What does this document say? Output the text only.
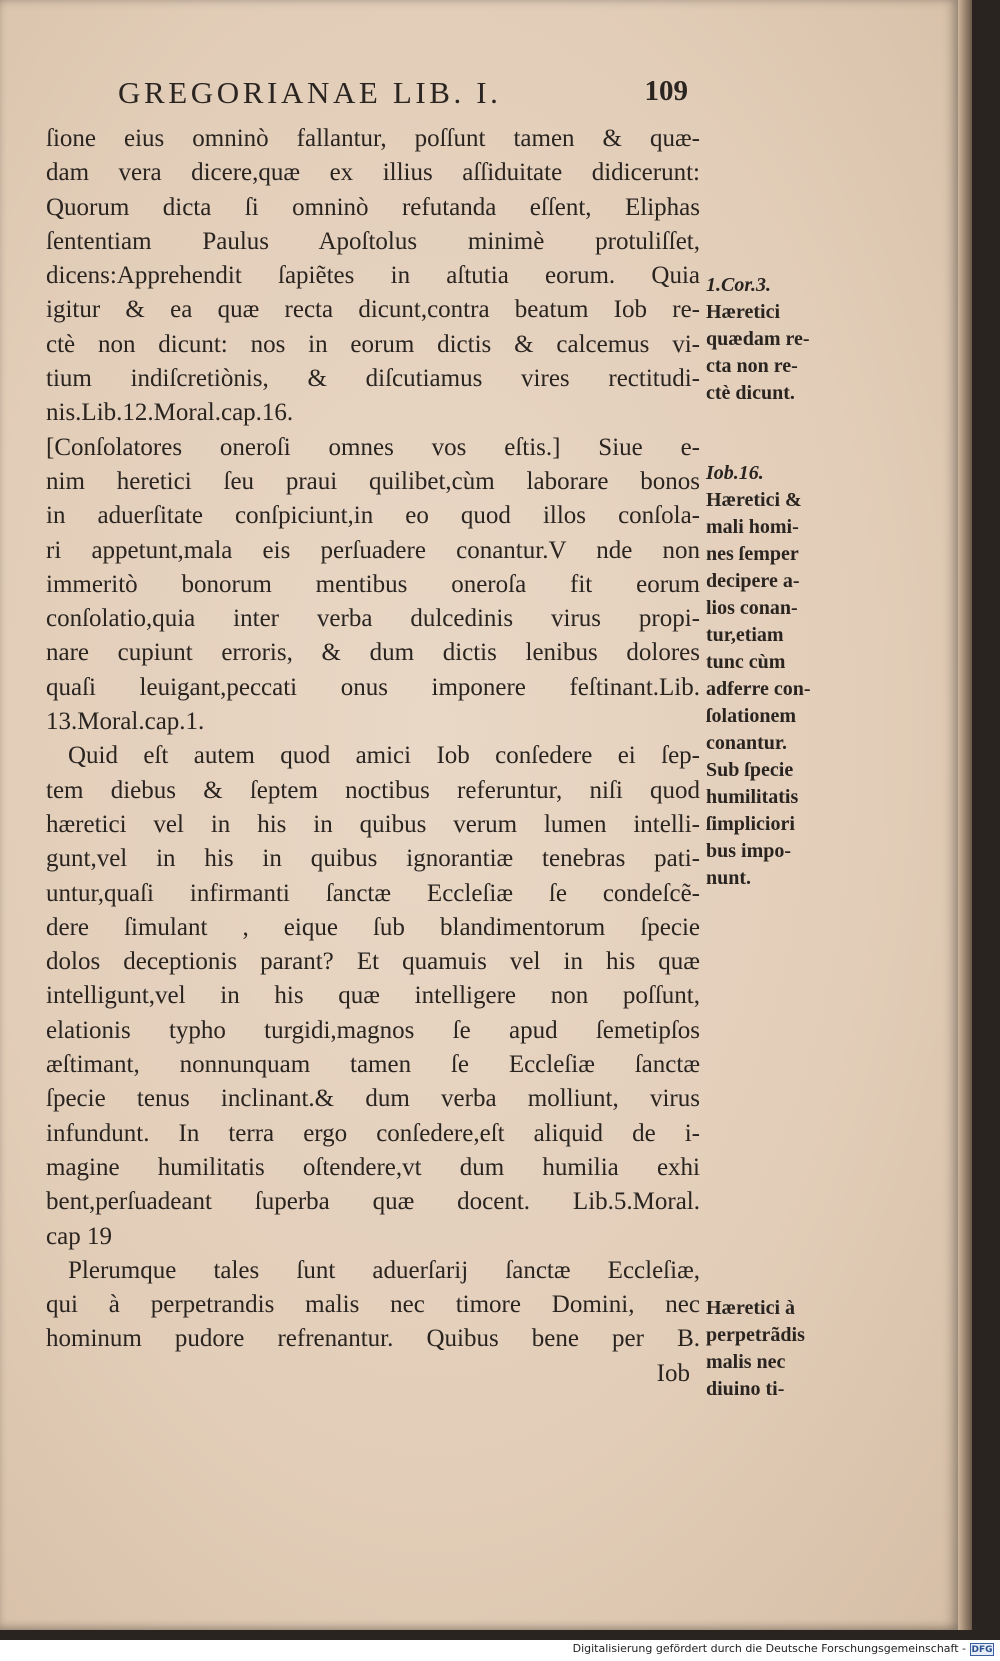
GREGORIANAE LIB. I.	109
ſione eius omninò fallantur, poſſunt tamen & quæ-
dam vera dicere,quæ ex illius aſſiduitate didicerunt:
Quorum dicta ſi omninò refutanda eſſent, Eliphas
ſententiam Paulus Apoſtolus minimè protuliſſet,
dicens:Apprehendit ſapiẽtes in aſtutia eorum. Quia
igitur & ea quæ recta dicunt,contra beatum Iob re-
ctè non dicunt: nos in eorum dictis & calcemus vi-
tium indiſcretiònis, & diſcutiamus vires rectitudi-
nis.Lib.12.Moral.cap.16.
[Conſolatores oneroſi omnes vos eſtis.] Siue e-
nim heretici ſeu praui quilibet,cùm laborare bonos
in aduerſitate conſpiciunt,in eo quod illos conſola-
ri appetunt,mala eis perſuadere conantur.V nde non
immeritò bonorum mentibus oneroſa fit eorum
conſolatio,quia inter verba dulcedinis virus propi-
nare cupiunt erroris, & dum dictis lenibus dolores
quaſi leuigant,peccati onus imponere feſtinant.Lib.
13.Moral.cap.1.
Quid eſt autem quod amici Iob conſedere ei ſep-
tem diebus & ſeptem noctibus referuntur, niſi quod
hæretici vel in his in quibus verum lumen intelli-
gunt,vel in his in quibus ignorantiæ tenebras pati-
untur,quaſi infirmanti ſanctæ Eccleſiæ ſe condeſcẽ-
dere ſimulant , eique ſub blandimentorum ſpecie
dolos deceptionis parant? Et quamuis vel in his quæ
intelligunt,vel in his quæ intelligere non poſſunt,
elationis typho turgidi,magnos ſe apud ſemetipſos
æſtimant, nonnunquam tamen ſe Eccleſiæ ſanctæ
ſpecie tenus inclinant.& dum verba molliunt, virus
infundunt. In terra ergo conſedere,eſt aliquid de i-
magine humilitatis oſtendere,vt dum humilia exhi
bent,perſuadeant ſuperba quæ docent. Lib.5.Moral.
cap 19
Plerumque tales ſunt aduerſarij ſanctæ Eccleſiæ,
qui à perpetrandis malis nec timore Domini, nec
hominum pudore refrenantur. Quibus bene per B.
Iob
1.Cor.3.
Hæretici
quædam re-
cta non re-
ctè dicunt.
Iob.16.
Hæretici &
mali homi-
nes ſemper
decipere a-
lios conan-
tur,etiam
tunc cùm
adferre con-
ſolationem
conantur.
Sub ſpecie
humilitatis
ſimpliciori
bus impo-
nunt.
Hæretici à
perpetrãdis
malis nec
diuino ti-
Digitalisierung gefördert durch die Deutsche Forschungsgemeinschaft - DFG
